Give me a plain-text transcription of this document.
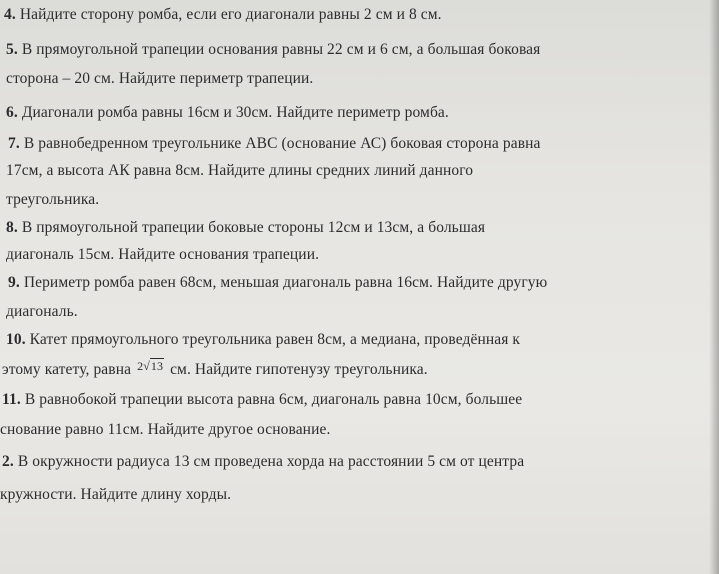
4. Найдите сторону ромба, если его диагонали равны 2 см и 8 см.
5. В прямоугольной трапеции основания равны 22 см и 6 см, а большая боковая
сторона – 20 см. Найдите периметр трапеции.
6. Диагонали ромба равны 16см и 30см. Найдите периметр ромба.
7. В равнобедренном треугольнике АВС (основание АС) боковая сторона равна
17см, а высота АК равна 8см. Найдите длины средних линий данного
треугольника.
8. В прямоугольной трапеции боковые стороны 12см и 13см, а большая
диагональ 15см. Найдите основания трапеции.
9. Периметр ромба равен 68см, меньшая диагональ равна 16см. Найдите другую
диагональ.
10. Катет прямоугольного треугольника равен 8см, а медиана, проведённая к
этому катету, равна 2√13 см. Найдите гипотенузу треугольника.
11. В равнобокой трапеции высота равна 6см, диагональ равна 10см, большее
снование равно 11см. Найдите другое основание.
2. В окружности радиуса 13 см проведена хорда на расстоянии 5 см от центра
кружности. Найдите длину хорды.
